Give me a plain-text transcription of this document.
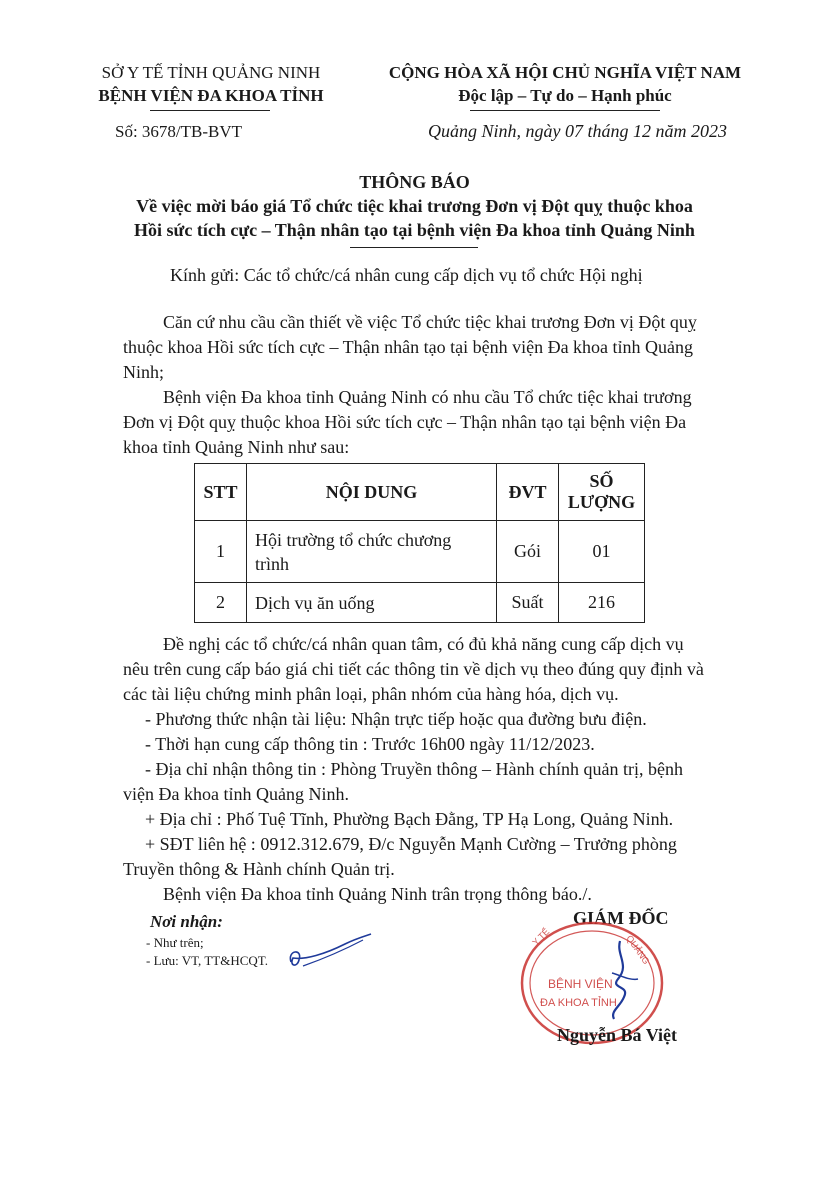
SỞ Y TẾ TỈNH QUẢNG NINH
BỆNH VIỆN ĐA KHOA TỈNH
Số: 3678/TB-BVT
CỘNG HÒA XÃ HỘI CHỦ NGHĨA VIỆT NAM
Độc lập – Tự do – Hạnh phúc
Quảng Ninh, ngày 07 tháng 12 năm 2023
THÔNG BÁO
Về việc mời báo giá Tổ chức tiệc khai trương Đơn vị Đột quỵ thuộc khoa
Hồi sức tích cực – Thận nhân tạo tại bệnh viện Đa khoa tỉnh Quảng Ninh
Kính gửi: Các tổ chức/cá nhân cung cấp dịch vụ tổ chức Hội nghị
Căn cứ nhu cầu cần thiết về việc Tổ chức tiệc khai trương Đơn vị Đột quỵ
thuộc khoa Hồi sức tích cực – Thận nhân tạo tại bệnh viện Đa khoa tỉnh Quảng
Ninh;
Bệnh viện Đa khoa tỉnh Quảng Ninh có nhu cầu Tổ chức tiệc khai trương
Đơn vị Đột quỵ thuộc khoa Hồi sức tích cực – Thận nhân tạo tại bệnh viện Đa
khoa tỉnh Quảng Ninh như sau:
STT	NỘI DUNG	ĐVT	SỐ
LƯỢNG

1	Hội trường tổ chức chương
trình	Gói	01
2	Dịch vụ ăn uống	Suất	216
Đề nghị các tổ chức/cá nhân quan tâm, có đủ khả năng cung cấp dịch vụ
nêu trên cung cấp báo giá chi tiết các thông tin về dịch vụ theo đúng quy định và
các tài liệu chứng minh phân loại, phân nhóm của hàng hóa, dịch vụ.
- Phương thức nhận tài liệu: Nhận trực tiếp hoặc qua đường bưu điện.
- Thời hạn cung cấp thông tin : Trước 16h00 ngày 11/12/2023.
- Địa chỉ nhận thông tin : Phòng Truyền thông – Hành chính quản trị, bệnh
viện Đa khoa tỉnh Quảng Ninh.
+ Địa chỉ : Phố Tuệ Tĩnh, Phường Bạch Đằng, TP Hạ Long, Quảng Ninh.
+ SĐT liên hệ : 0912.312.679, Đ/c Nguyễn Mạnh Cường – Trưởng phòng
Truyền thông & Hành chính Quản trị.
Bệnh viện Đa khoa tỉnh Quảng Ninh trân trọng thông báo./.
Nơi nhận:
- Như trên;
- Lưu: VT, TT&HCQT.
GIÁM ĐỐC
BỆNH VIỆN
ĐA KHOA TỈNH
QUẢNG
Y TẾ
Nguyễn Bá Việt
